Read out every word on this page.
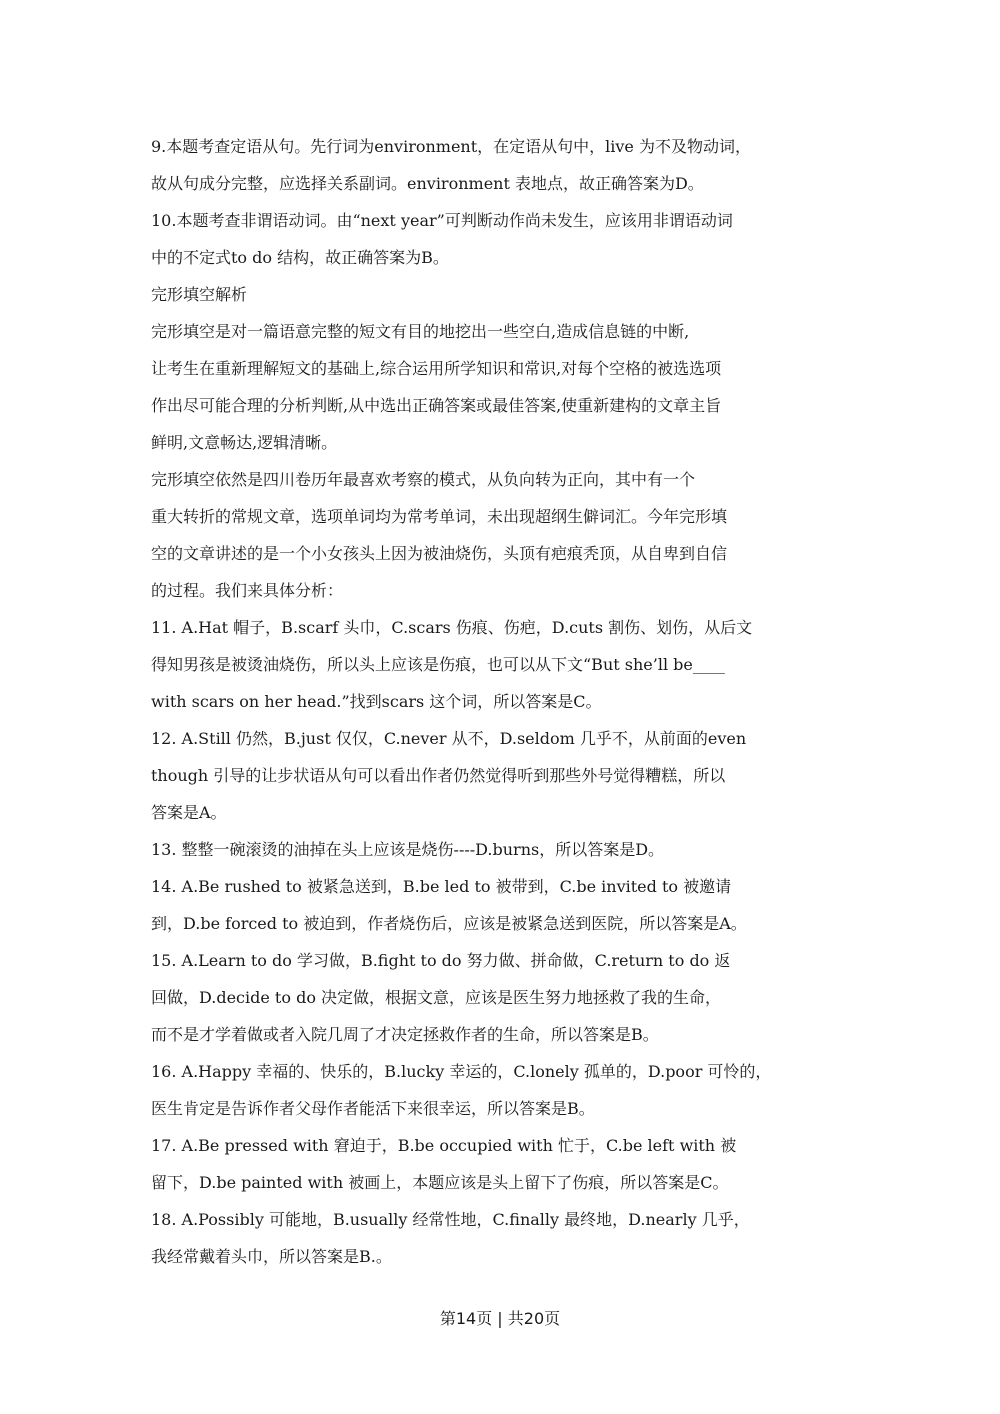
9.本题考查定语从句。先行词为environment，在定语从句中，live 为不及物动词，
故从句成分完整，应选择关系副词。environment 表地点，故正确答案为D。
10.本题考查非谓语动词。由“next year”可判断动作尚未发生，应该用非谓语动词
中的不定式to do 结构，故正确答案为B。
完形填空解析
完形填空是对一篇语意完整的短文有目的地挖出一些空白,造成信息链的中断,
让考生在重新理解短文的基础上,综合运用所学知识和常识,对每个空格的被选选项
作出尽可能合理的分析判断,从中选出正确答案或最佳答案,使重新建构的文章主旨
鲜明,文意畅达,逻辑清晰。
完形填空依然是四川卷历年最喜欢考察的模式，从负向转为正向，其中有一个
重大转折的常规文章，选项单词均为常考单词，未出现超纲生僻词汇。今年完形填
空的文章讲述的是一个小女孩头上因为被油烧伤，头顶有疤痕秃顶，从自卑到自信
的过程。我们来具体分析：
11. A.Hat 帽子，B.scarf 头巾，C.scars 伤痕、伤疤，D.cuts 割伤、划伤，从后文
得知男孩是被烫油烧伤，所以头上应该是伤痕，也可以从下文“But she’ll be____
with scars on her head.”找到scars 这个词，所以答案是C。
12. A.Still 仍然，B.just 仅仅，C.never 从不，D.seldom 几乎不，从前面的even
though 引导的让步状语从句可以看出作者仍然觉得听到那些外号觉得糟糕，所以
答案是A。
13. 整整一碗滚烫的油掉在头上应该是烧伤----D.burns，所以答案是D。
14. A.Be rushed to 被紧急送到，B.be led to 被带到，C.be invited to 被邀请
到，D.be forced to 被迫到，作者烧伤后，应该是被紧急送到医院，所以答案是A。
15. A.Learn to do 学习做，B.fight to do 努力做、拼命做，C.return to do 返
回做，D.decide to do 决定做，根据文意，应该是医生努力地拯救了我的生命，
而不是才学着做或者入院几周了才决定拯救作者的生命，所以答案是B。
16. A.Happy 幸福的、快乐的，B.lucky 幸运的，C.lonely 孤单的，D.poor 可怜的，
医生肯定是告诉作者父母作者能活下来很幸运，所以答案是B。
17. A.Be pressed with 窘迫于，B.be occupied with 忙于，C.be left with 被
留下，D.be painted with 被画上，本题应该是头上留下了伤痕，所以答案是C。
18. A.Possibly 可能地，B.usually 经常性地，C.finally 最终地，D.nearly 几乎，
我经常戴着头巾，所以答案是B.。
第14页 | 共20页
